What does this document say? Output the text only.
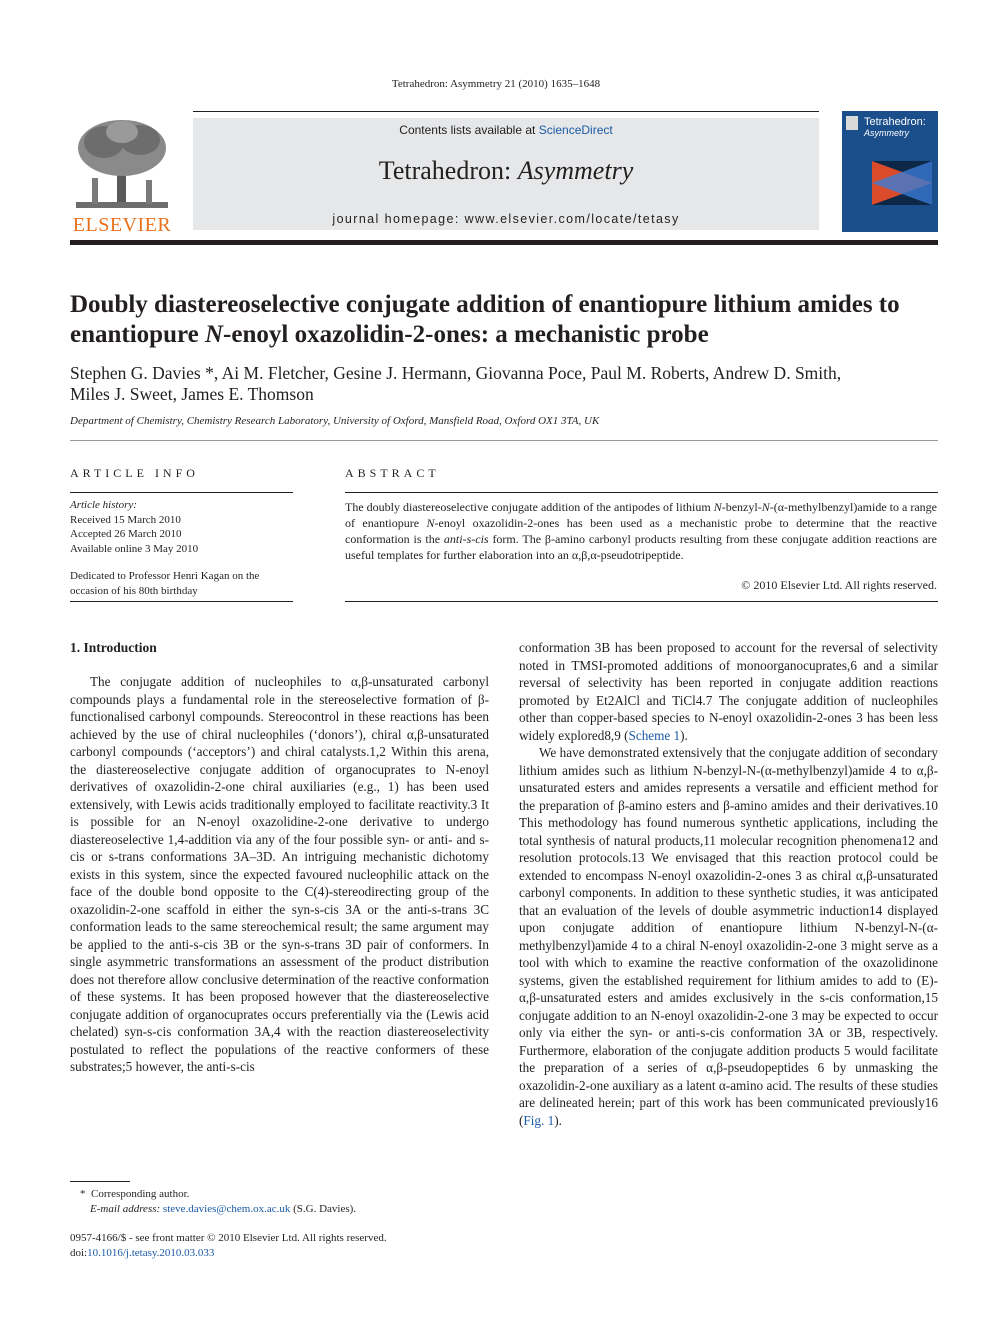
Tetrahedron: Asymmetry 21 (2010) 1635–1648
ELSEVIER
Contents lists available at ScienceDirect
Tetrahedron: Asymmetry
journal homepage: www.elsevier.com/locate/tetasy
Tetrahedron:
Asymmetry
Doubly diastereoselective conjugate addition of enantiopure lithium amides to enantiopure N-enoyl oxazolidin-2-ones: a mechanistic probe
Stephen G. Davies *, Ai M. Fletcher, Gesine J. Hermann, Giovanna Poce, Paul M. Roberts, Andrew D. Smith,
Miles J. Sweet, James E. Thomson
Department of Chemistry, Chemistry Research Laboratory, University of Oxford, Mansfield Road, Oxford OX1 3TA, UK
ARTICLE INFO
Article history:
Received 15 March 2010
Accepted 26 March 2010
Available online 3 May 2010
Dedicated to Professor Henri Kagan on the occasion of his 80th birthday
ABSTRACT
The doubly diastereoselective conjugate addition of the antipodes of lithium N-benzyl-N-(α-methylbenzyl)amide to a range of enantiopure N-enoyl oxazolidin-2-ones has been used as a mechanistic probe to determine that the reactive conformation is the anti-s-cis form. The β-amino carbonyl products resulting from these conjugate addition reactions are useful templates for further elaboration into an α,β,α-pseudotripeptide.
© 2010 Elsevier Ltd. All rights reserved.
1. Introduction

The conjugate addition of nucleophiles to α,β-unsaturated carbonyl compounds plays a fundamental role in the stereoselective formation of β-functionalised carbonyl compounds. Stereocontrol in these reactions has been achieved by the use of chiral nucleophiles (‘donors’), chiral α,β-unsaturated carbonyl compounds (‘acceptors’) and chiral catalysts.1,2 Within this arena, the diastereoselective conjugate addition of organocuprates to N-enoyl derivatives of oxazolidin-2-one chiral auxiliaries (e.g., 1) has been used extensively, with Lewis acids traditionally employed to facilitate reactivity.3 It is possible for an N-enoyl oxazolidine-2-one derivative to undergo diastereoselective 1,4-addition via any of the four possible syn- or anti- and s-cis or s-trans conformations 3A–3D. An intriguing mechanistic dichotomy exists in this system, since the expected favoured nucleophilic attack on the face of the double bond opposite to the C(4)-stereodirecting group of the oxazolidin-2-one scaffold in either the syn-s-cis 3A or the anti-s-trans 3C conformation leads to the same stereochemical result; the same argument may be applied to the anti-s-cis 3B or the syn-s-trans 3D pair of conformers. In single asymmetric transformations an assessment of the product distribution does not therefore allow conclusive determination of the reactive conformation of these systems. It has been proposed however that the diastereoselective conjugate addition of organocuprates occurs preferentially via the (Lewis acid chelated) syn-s-cis conformation 3A,4 with the reaction diastereoselectivity postulated to reflect the populations of the reactive conformers of these substrates;5 however, the anti-s-cis

conformation 3B has been proposed to account for the reversal of selectivity noted in TMSI-promoted additions of monoorganocuprates,6 and a similar reversal of selectivity has been reported in conjugate addition reactions promoted by Et2AlCl and TiCl4.7 The conjugate addition of nucleophiles other than copper-based species to N-enoyl oxazolidin-2-ones 3 has been less widely explored8,9 (Scheme 1).

We have demonstrated extensively that the conjugate addition of secondary lithium amides such as lithium N-benzyl-N-(α-methylbenzyl)amide 4 to α,β-unsaturated esters and amides represents a versatile and efficient method for the preparation of β-amino esters and β-amino amides and their derivatives.10 This methodology has found numerous synthetic applications, including the total synthesis of natural products,11 molecular recognition phenomena12 and resolution protocols.13 We envisaged that this reaction protocol could be extended to encompass N-enoyl oxazolidin-2-ones 3 as chiral α,β-unsaturated carbonyl components. In addition to these synthetic studies, it was anticipated that an evaluation of the levels of double asymmetric induction14 displayed upon conjugate addition of enantiopure lithium N-benzyl-N-(α-methylbenzyl)amide 4 to a chiral N-enoyl oxazolidin-2-one 3 might serve as a tool with which to examine the reactive conformation of the oxazolidinone systems, given the established requirement for lithium amides to add to (E)-α,β-unsaturated esters and amides exclusively in the s-cis conformation,15 conjugate addition to an N-enoyl oxazolidin-2-one 3 may be expected to occur only via either the syn- or anti-s-cis conformation 3A or 3B, respectively. Furthermore, elaboration of the conjugate addition products 5 would facilitate the preparation of a series of α,β-pseudopeptides 6 by unmasking the oxazolidin-2-one auxiliary as a latent α-amino acid. The results of these studies are delineated herein; part of this work has been communicated previously16 (Fig. 1).

* Corresponding author.
E-mail address: steve.davies@chem.ox.ac.uk (S.G. Davies).
0957-4166/$ - see front matter © 2010 Elsevier Ltd. All rights reserved.
doi:10.1016/j.tetasy.2010.03.033
